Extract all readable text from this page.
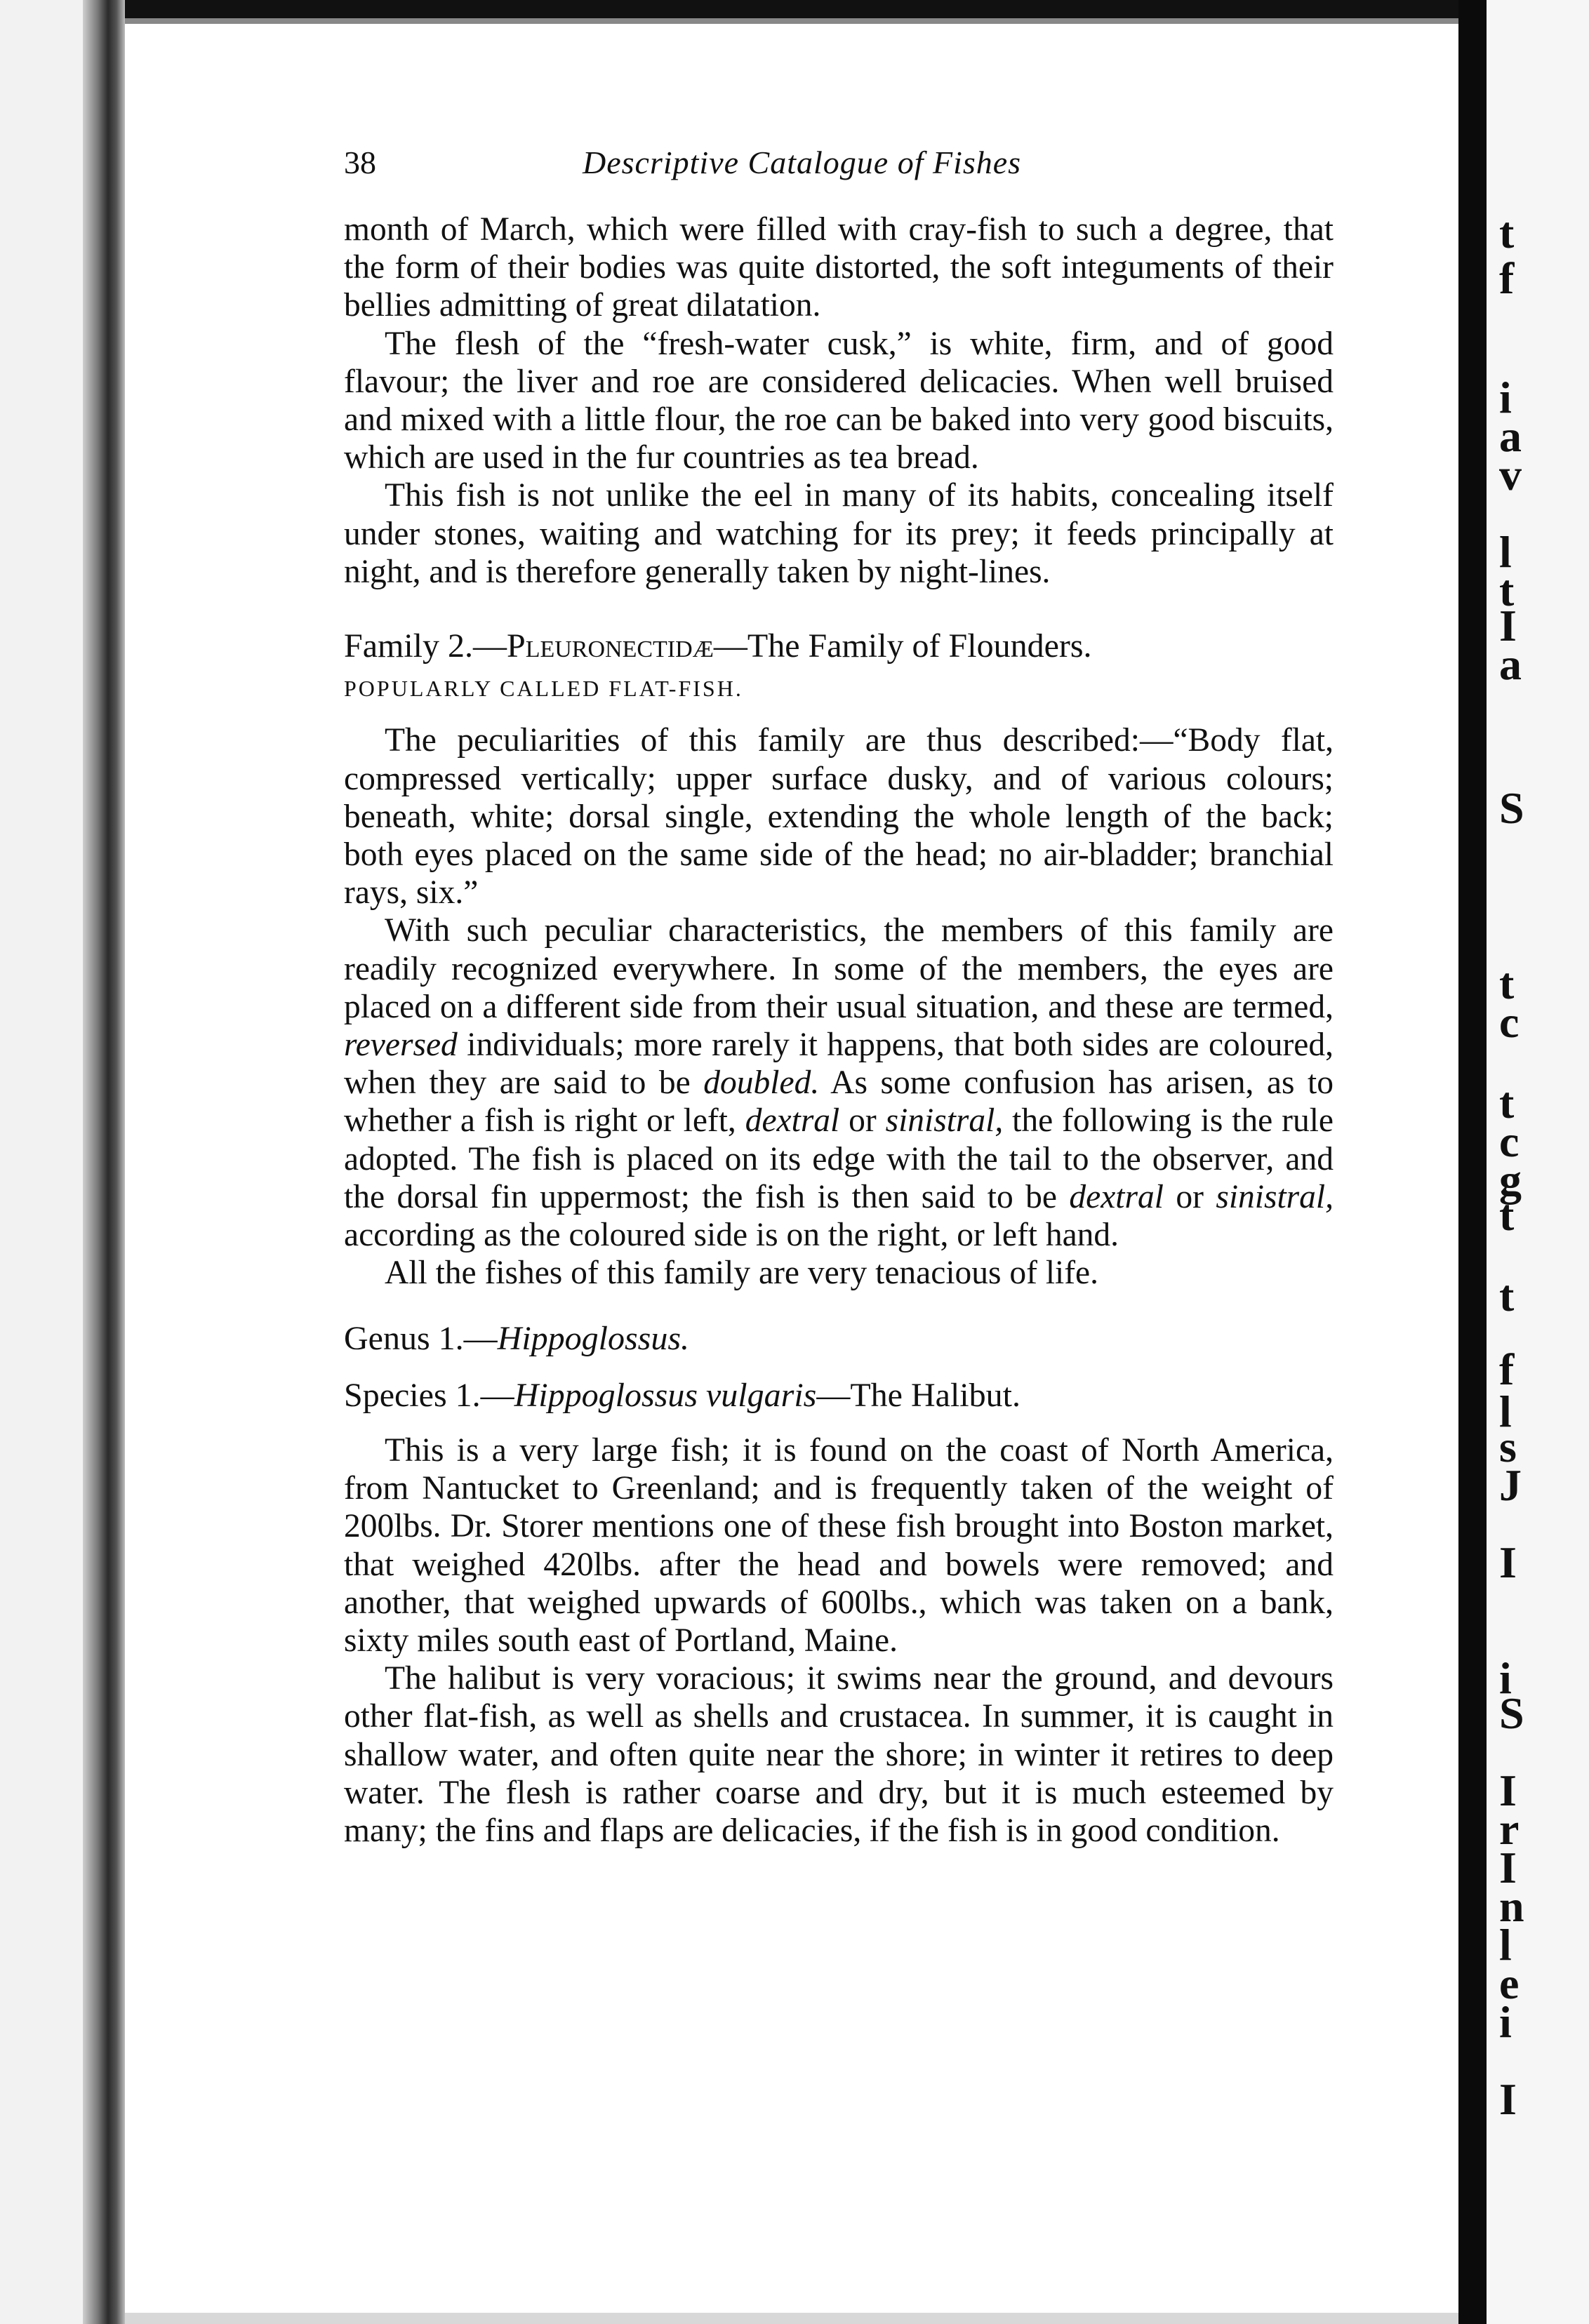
t
f
i
a
v
l
t
I
a
S
t
c
t
c
g
t
t
f
l
s
J
I
i
S
I
r
I
n
l
e
i
I
38	Descriptive Catalogue of Fishes

month of March, which were filled with cray-fish to such a degree, that the form of their bodies was quite distorted, the soft integuments of their bellies admitting of great dilatation.

The flesh of the “fresh-water cusk,” is white, firm, and of good flavour; the liver and roe are considered delicacies. When well bruised and mixed with a little flour, the roe can be baked into very good biscuits, which are used in the fur countries as tea bread.

This fish is not unlike the eel in many of its habits, concealing itself under stones, waiting and watching for its prey; it feeds principally at night, and is therefore generally taken by night-lines.

Family 2.—Pleuronectidæ—The Family of Flounders.

POPULARLY CALLED FLAT-FISH.

The peculiarities of this family are thus described:—“Body flat, compressed vertically; upper surface dusky, and of various colours; beneath, white; dorsal single, extending the whole length of the back; both eyes placed on the same side of the head; no air-bladder; branchial rays, six.”

With such peculiar characteristics, the members of this family are readily recognized everywhere. In some of the members, the eyes are placed on a different side from their usual situation, and these are termed, reversed individuals; more rarely it happens, that both sides are coloured, when they are said to be doubled. As some confusion has arisen, as to whether a fish is right or left, dextral or sinistral, the following is the rule adopted. The fish is placed on its edge with the tail to the observer, and the dorsal fin uppermost; the fish is then said to be dextral or sinistral, according as the coloured side is on the right, or left hand.

All the fishes of this family are very tenacious of life.

Genus 1.—Hippoglossus.

Species 1.—Hippoglossus vulgaris—The Halibut.

This is a very large fish; it is found on the coast of North America, from Nantucket to Greenland; and is frequently taken of the weight of 200lbs. Dr. Storer mentions one of these fish brought into Boston market, that weighed 420lbs. after the head and bowels were removed; and another, that weighed upwards of 600lbs., which was taken on a bank, sixty miles south east of Portland, Maine.

The halibut is very voracious; it swims near the ground, and devours other flat-fish, as well as shells and crustacea. In summer, it is caught in shallow water, and often quite near the shore; in winter it retires to deep water. The flesh is rather coarse and dry, but it is much esteemed by many; the fins and flaps are delicacies, if the fish is in good condition.
